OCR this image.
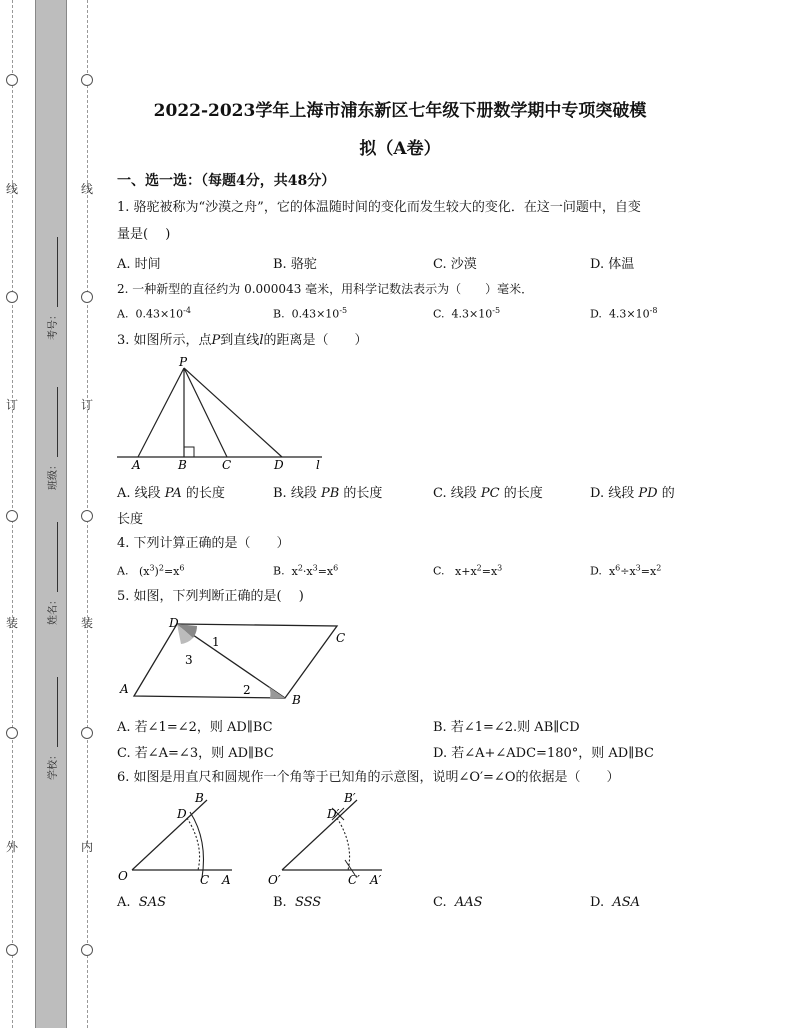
线
订
装
外
线
订
装
内
考号：
班级：
姓名：
学校：
2022-2023学年上海市浦东新区七年级下册数学期中专项突破模
拟（A卷）
一、选一选：（每题4分，共48分）
1. 骆驼被称为“沙漠之舟”，它的体温随时间的变化而发生较大的变化．在这一问题中，自变
量是(　 )
A. 时间	B. 骆驼	C. 沙漠	D. 体温
2. 一种新型的直径约为 0.000043 毫米，用科学记数法表示为（　　）毫米．
A. $0.43\times 10^{-4}$	B. $0.43\times 10^{-5}$	C. $4.3\times 10^{-5}$	D. $4.3\times 10^{-8}$
3. 如图所示，点P到直线l的距离是（　　）
P
A	B	C	D	l
A. 线段 PA 的长度	B. 线段 PB 的长度	C. 线段 PC 的长度	D. 线段 PD 的
长度
4. 下列计算正确的是（　　）
A. $(x^3)^2=x^6$	B. $x^2\cdot x^3=x^6$	C. $x+x^2=x^3$	D. $x^6\div x^3=x^2$
5. 如图，下列判断正确的是(　 )
D
C
A
B
1
2
3
A. 若∠1=∠2，则 AD∥BC	B. 若∠1=∠2.则 AB∥CD
C. 若∠A=∠3，则 AD∥BC	D. 若∠A+∠ADC=180°，则 AD∥BC
6. 如图是用直尺和圆规作一个角等于已知角的示意图，说明∠O′=∠O的依据是（　　）
B
D
O	C A
B′
D′
O′	C′ A′
A. SAS	B. SSS	C. AAS	D. ASA
